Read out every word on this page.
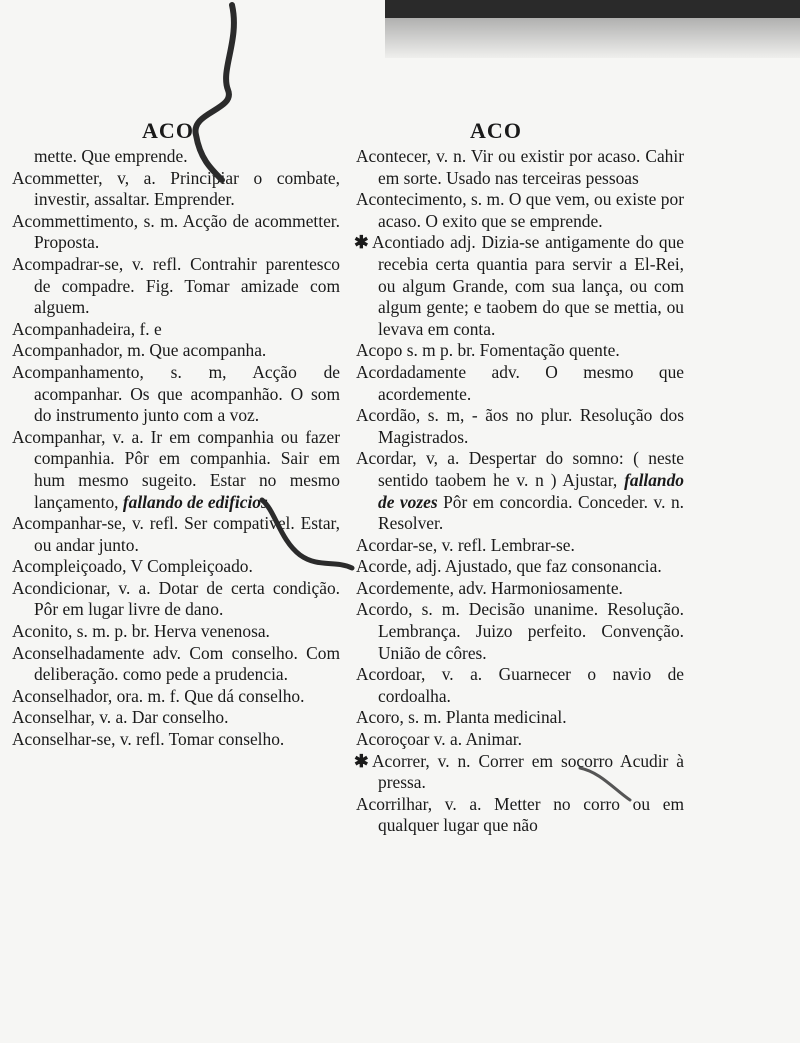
ACO	ACO
mette. Que emprende.
Acommetter, v, a. Principiar o combate, investir, assaltar. Emprender.
Acommettimento, s. m. Acção de acommetter. Proposta.
Acompadrar-se, v. refl. Contrahir parentesco de compadre. Fig. Tomar amizade com alguem.
Acompanhadeira, f. e
Acompanhador, m. Que acompanha.
Acompanhamento, s. m, Acção de acompanhar. Os que acompanhão. O som do instrumento junto com a voz.
Acompanhar, v. a. Ir em companhia ou fazer companhia. Pôr em companhia. Sair em hum mesmo sugeito. Estar no mesmo lançamento, fallando de edificios
Acompanhar-se, v. refl. Ser compativel. Estar, ou andar junto.
Acompleiçoado, V Compleiçoado.
Acondicionar, v. a. Dotar de certa condição. Pôr em lugar livre de dano.
Aconito, s. m. p. br. Herva venenosa.
Aconselhadamente adv. Com conselho. Com deliberação. como pede a prudencia.
Aconselhador, ora. m. f. Que dá conselho.
Aconselhar, v. a. Dar conselho.
Aconselhar-se, v. refl. Tomar conselho.
Acontecer, v. n. Vir ou existir por acaso. Cahir em sorte. Usado nas terceiras pessoas
Acontecimento, s. m. O que vem, ou existe por acaso. O exito que se emprende.
✱ Acontiado adj. Dizia-se antigamente do que recebia certa quantia para servir a El-Rei, ou algum Grande, com sua lança, ou com algum gente; e taobem do que se mettia, ou levava em conta.
Acopo s. m p. br. Fomentação quente.
Acordadamente adv. O mesmo que acordemente.
Acordão, s. m, - ãos no plur. Resolução dos Magistrados.
Acordar, v, a. Despertar do somno: ( neste sentido taobem he v. n ) Ajustar, fallando de vozes Pôr em concordia. Conceder. v. n. Resolver.
Acordar-se, v. refl. Lembrar-se.
Acorde, adj. Ajustado, que faz consonancia.
Acordemente, adv. Harmoniosamente.
Acordo, s. m. Decisão unanime. Resolução. Lembrança. Juizo perfeito. Convenção. União de côres.
Acordoar, v. a. Guarnecer o navio de cordoalha.
Acoro, s. m. Planta medicinal.
Acoroçoar v. a. Animar.
✱ Acorrer, v. n. Correr em socorro Acudir à pressa.
Acorrilhar, v. a. Metter no corro ou em qualquer lugar que não
